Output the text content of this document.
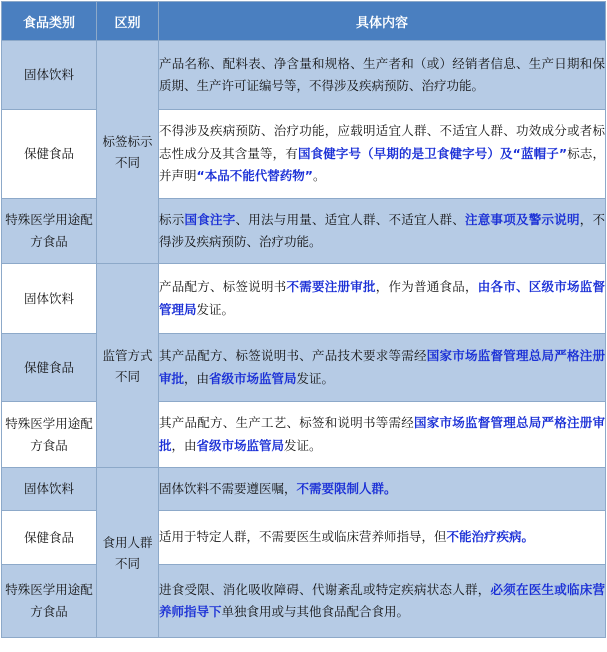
食品类别	区别	具体内容
固体饮料	标签标示不同	产品名称、配料表、净含量和规格、生产者和（或）经销者信息、生产日期和保质期、生产许可证编号等，不得涉及疾病预防、治疗功能。
保健食品		不得涉及疾病预防、治疗功能，应载明适宜人群、不适宜人群、功效成分或者标志性成分及其含量等，有国食健字号（早期的是卫食健字号）及“蓝帽子”标志，并声明“本品不能代替药物”。
特殊医学用途配方食品		标示国食注字、用法与用量、适宜人群、不适宜人群、注意事项及警示说明，不得涉及疾病预防、治疗功能。
固体饮料	监管方式不同	产品配方、标签说明书不需要注册审批，作为普通食品，由各市、区级市场监督管理局发证。
保健食品		其产品配方、标签说明书、产品技术要求等需经国家市场监督管理总局严格注册审批，由省级市场监管局发证。
特殊医学用途配方食品		其产品配方、生产工艺、标签和说明书等需经国家市场监督管理总局严格注册审批，由省级市场监管局发证。
固体饮料	食用人群不同	固体饮料不需要遵医嘱，不需要限制人群。
保健食品		适用于特定人群，不需要医生或临床营养师指导，但不能治疗疾病。
特殊医学用途配方食品		进食受限、消化吸收障碍、代谢紊乱或特定疾病状态人群，必须在医生或临床营养师指导下单独食用或与其他食品配合食用。
